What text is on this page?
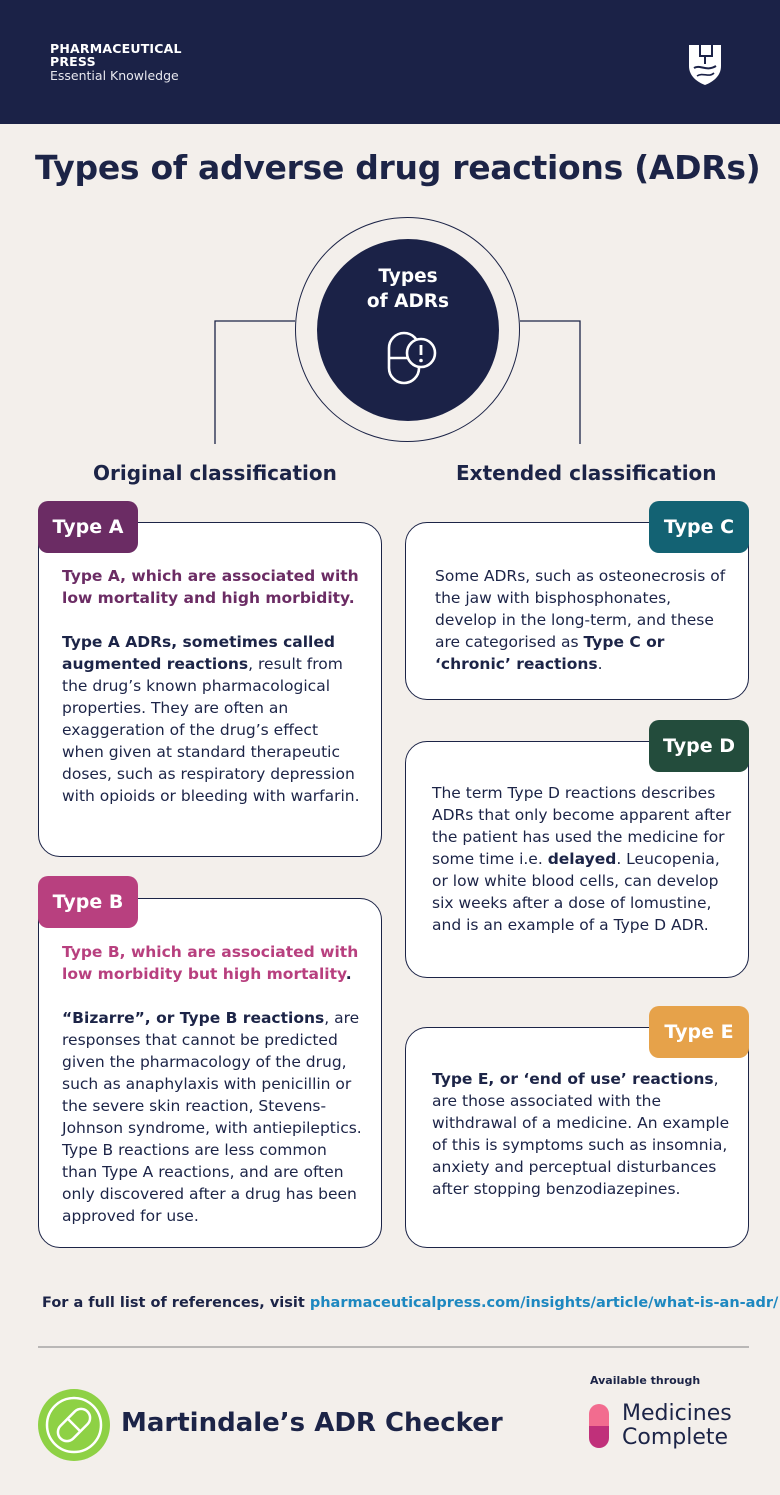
PHARMACEUTICAL
PRESS
Essential Knowledge
Types of adverse drug reactions (ADRs)
Types
of ADRs
Original classification	Extended classification

Type A, which are associated with low mortality and high morbidity.

Type A ADRs, sometimes called augmented reactions, result from the drug’s known pharmacological properties. They are often an exaggeration of the drug’s effect when given at standard therapeutic doses, such as respiratory depression with opioids or bleeding with warfarin.

Type A

Type B, which are associated with low morbidity but high mortality.

“Bizarre”, or Type B reactions, are responses that cannot be predicted given the pharmacology of the drug, such as anaphylaxis with penicillin or the severe skin reaction, Stevens-Johnson syndrome, with antiepileptics. Type B reactions are less common than Type A reactions, and are often only discovered after a drug has been approved for use.

Type B

Some ADRs, such as osteonecrosis of the jaw with bisphosphonates, develop in the long-term, and these are categorised as Type C or ‘chronic’ reactions.

Type C

The term Type D reactions describes ADRs that only become apparent after the patient has used the medicine for some time i.e. delayed. Leucopenia, or low white blood cells, can develop six weeks after a dose of lomustine, and is an example of a Type D ADR.

Type D

Type E, or ‘end of use’ reactions, are those associated with the withdrawal of a medicine. An example of this is symptoms such as insomnia, anxiety and perceptual disturbances after stopping benzodiazepines.

Type E
For a full list of references, visit pharmaceuticalpress.com/insights/article/what-is-an-adr/
Martindale’s ADR Checker
Available through
Medicines
Complete
